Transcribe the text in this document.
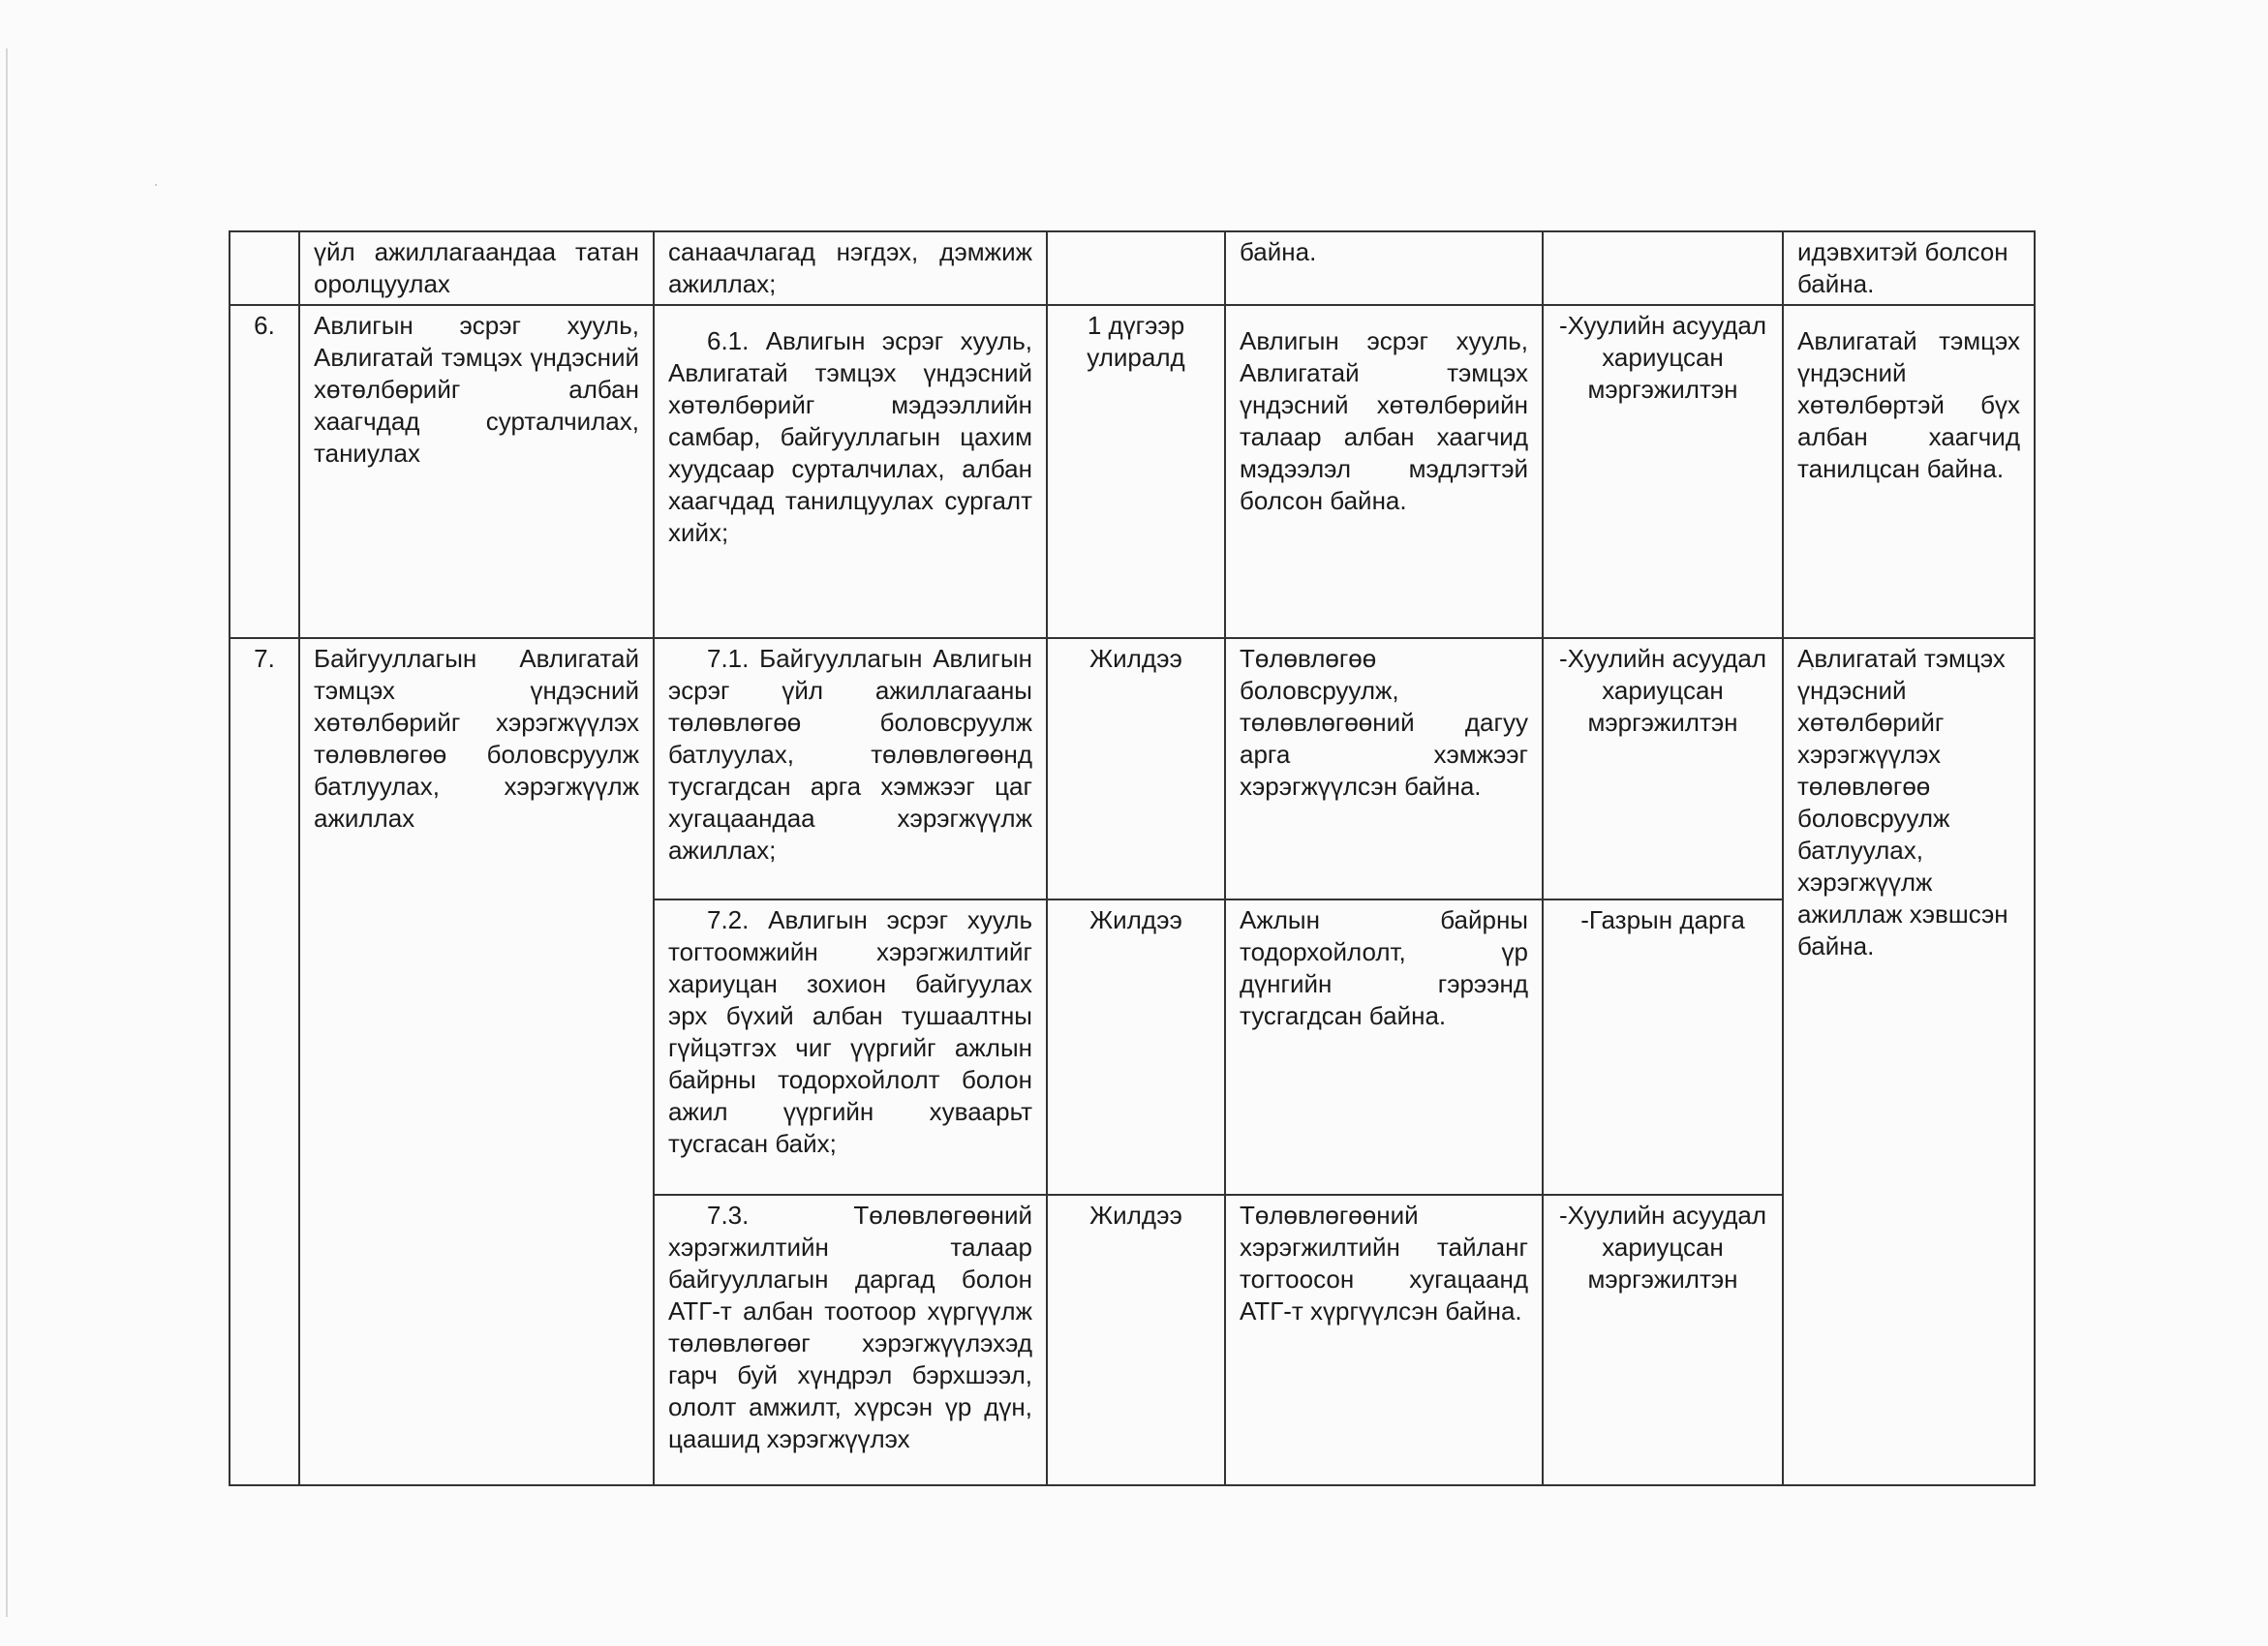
	үйл ажиллагаандаа татан оролцуулах	санаачлагад нэгдэх, дэмжиж ажиллах;		байна.		идэвхитэй болсон байна.
6.	Авлигын эсрэг хууль, Авлигатай тэмцэх үндэсний хөтөлбөрийг албан хаагчдад сурталчилах, таниулах	6.1. Авлигын эсрэг хууль, Авлигатай тэмцэх үндэсний хөтөлбөрийг мэдээллийн самбар, байгууллагын цахим хуудсаар сурталчилах, албан хаагчдад танилцуулах сургалт хийх;	1 дүгээр улиралд	Авлигын эсрэг хууль, Авлигатай тэмцэх үндэсний хөтөлбөрийн талаар албан хаагчид мэдээлэл мэдлэгтэй болсон байна.	-Хуулийн асуудал хариуцсан мэргэжилтэн	Авлигатай тэмцэх үндэсний хөтөлбөртэй бүх албан хаагчид танилцсан байна.
7.	Байгууллагын Авлигатай тэмцэх үндэсний хөтөлбөрийг хэрэгжүүлэх төлөвлөгөө боловсруулж батлуулах, хэрэгжүүлж ажиллах	7.1. Байгууллагын Авлигын эсрэг үйл ажиллагааны төлөвлөгөө боловсруулж батлуулах, төлөвлөгөөнд тусгагдсан арга хэмжээг цаг хугацаандаа хэрэгжүүлж ажиллах;	Жилдээ	Төлөвлөгөө боловсруулж, төлөвлөгөөний дагуу арга хэмжээг хэрэгжүүлсэн байна.	-Хуулийн асуудал хариуцсан мэргэжилтэн	Авлигатай тэмцэх үндэсний хөтөлбөрийг хэрэгжүүлэх төлөвлөгөө боловсруулж батлуулах, хэрэгжүүлж ажиллаж хэвшсэн байна.
		7.2. Авлигын эсрэг хууль тогтоомжийн хэрэгжилтийг хариуцан зохион байгуулах эрх бүхий албан тушаалтны гүйцэтгэх чиг үүргийг ажлын байрны тодорхойлолт болон ажил үүргийн хуваарьт тусгасан байх;	Жилдээ	Ажлын байрны тодорхойлолт, үр дүнгийн гэрээнд тусгагдсан байна.	-Газрын дарга	
		7.3. Төлөвлөгөөний хэрэгжилтийн талаар байгууллагын даргад болон АТГ-т албан тоотоор хүргүүлж төлөвлөгөөг хэрэгжүүлэхэд гарч буй хүндрэл бэрхшээл, ололт амжилт, хүрсэн үр дүн, цаашид хэрэгжүүлэх	Жилдээ	Төлөвлөгөөний хэрэгжилтийн тайланг тогтоосон хугацаанд АТГ-т хүргүүлсэн байна.	-Хуулийн асуудал хариуцсан мэргэжилтэн	
